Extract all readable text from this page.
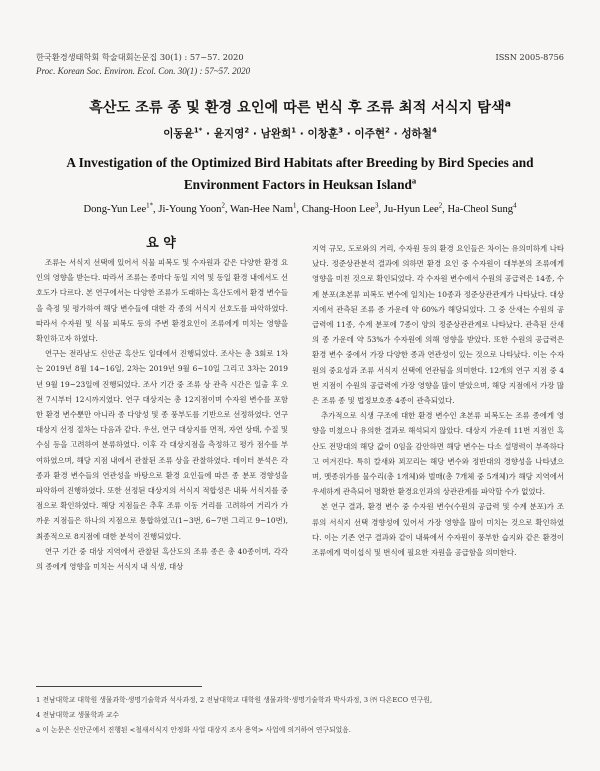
한국환경생태학회 학술대회논문집 30(1) : 57~57. 2020	ISSN 2005-8756
Proc. Korean Soc. Environ. Ecol. Con. 30(1) : 57~57. 2020
흑산도 조류 종 및 환경 요인에 따른 번식 후 조류 최적 서식지 탐색$^a$
이동윤$^{1*}$ · 윤지영$^2$ · 남완희$^1$ · 이창훈$^3$ · 이주현$^2$ · 성하철$^4$
A Investigation of the Optimized Bird Habitats after Breeding by Bird Species and Environment Factors in Heuksan Island$^a$
Dong-Yun Lee$^{1*}$, Ji-Young Yoon$^2$, Wan-Hee Nam$^1$, Chang-Hoon Lee$^3$, Ju-Hyun Lee$^2$, Ha-Cheol Sung$^4$
요 약

조류는 서식지 선택에 있어서 식물 피복도 및 수자원과 같은 다양한 환경 요인의 영향을 받는다. 따라서 조류는 종마다 동일 지역 및 동일 환경 내에서도 선호도가 다르다. 본 연구에서는 다양한 조류가 도래하는 흑산도에서 환경 변수들을 측정 및 평가하여 해당 변수들에 대한 각 종의 서식지 선호도를 파악하였다. 따라서 수자원 및 식물 피복도 등의 주변 환경요인이 조류에게 미치는 영향을 확인하고자 하였다.

연구는 전라남도 신안군 흑산도 일대에서 진행되었다. 조사는 총 3회로 1차는 2019년 8월 14~16일, 2차는 2019년 9월 6~10일 그리고 3차는 2019년 9월 19~23일에 진행되었다. 조사 기간 중 조류 상 관측 시간은 일출 후 오전 7시부터 12시까지였다. 연구 대상지는 총 12지점이며 수자원 변수를 포함한 환경 변수뿐만 아니라 종 다양성 및 종 풍부도를 기반으로 선정하였다. 연구 대상지 선정 절차는 다음과 같다. 우선, 연구 대상지를 면적, 자연 상태, 수질 및 수심 등을 고려하여 분류하였다. 이후 각 대상지점을 측정하고 평가 점수를 부여하였으며, 해당 지점 내에서 관찰된 조류 상을 관찰하였다. 데이터 분석은 각 종과 환경 변수들의 연관성을 바탕으로 환경 요인들에 따른 종 분포 경향성을 파악하여 진행하였다. 또한 선정된 대상지의 서식지 적합성은 내륙 서식지를 중점으로 확인하였다. 해당 지점들은 추후 조류 이동 거리를 고려하여 거리가 가까운 지점들은 하나의 지점으로 통합하였고(1~3번, 6~7번 그리고 9~10번), 최종적으로 8지점에 대한 분석이 진행되었다.

연구 기간 중 대상 지역에서 관찰된 흑산도의 조류 종은 총 40종이며, 각각의 종에게 영향을 미치는 서식지 내 식생, 대상

지역 규모, 도로와의 거리, 수자원 등의 환경 요인들은 차이는 유의미하게 나타났다. 정준상관분석 결과에 의하면 환경 요인 중 수자원이 대부분의 조류에게 영향을 미친 것으로 확인되었다. 각 수자원 변수에서 수원의 공급력은 14종, 수계 분포(초본류 피복도 변수에 일치)는 10종과 정준상관관계가 나타났다. 대상지에서 관측된 조류 종 가운데 약 60%가 해당되었다. 그 중 산새는 수원의 공급력에 11종, 수계 분포에 7종이 양의 정준상관관계로 나타났다. 관측된 산새의 종 가운데 약 53%가 수자원에 의해 영향을 받았다. 또한 수원의 공급력은 환경 변수 중에서 가장 다양한 종과 연관성이 있는 것으로 나타났다. 이는 수자원의 중요성과 조류 서식지 선택에 연관됨을 의미한다. 12개의 연구 지점 중 4번 지점이 수원의 공급력에 가장 영향을 많이 받았으며, 해당 지점에서 가장 많은 조류 종 및 법정보호종 4종이 관측되었다.

추가적으로 식생 구조에 대한 환경 변수인 초본류 피복도는 조류 종에게 영향을 미쳤으나 유의한 결과로 해석되지 않았다. 대상지 가운데 11번 지점인 흑산도 전망대의 해당 값이 0임을 감안하면 해당 변수는 다소 설명력이 부족하다고 여겨진다. 특히 칼새와 꾀꼬리는 해당 변수와 정반대의 경향성을 나타냈으며, 멧종위가름 물수리(총 1개체)와 벌매(총 7개체 중 5개체)가 해당 지역에서 우세하게 관측되어 명확한 환경요인과의 상관관계를 파악할 수가 없었다.

본 연구 결과, 환경 변수 중 수자원 변수(수원의 공급력 및 수계 분포)가 조류의 서식지 선택 경향성에 있어서 가장 영향을 많이 미치는 것으로 확인하였다. 이는 기존 연구 결과와 같이 내륙에서 수자원이 풍부한 습지와 같은 환경이 조류에게 먹이섭식 및 번식에 필요한 자원을 공급함을 의미한다.

1 전남대학교 대학원 생물과학·생명기술학과 석사과정, 2 전남대학교 대학원 생물과학·생명기술학과 박사과정, 3 ㈜ 다온ECO 연구원,
4 전남대학교 생물학과 교수
a 이 논문은 신안군에서 진행된 <철새서식지 안정화 사업 대상지 조사 용역> 사업에 의거하여 연구되었음.
